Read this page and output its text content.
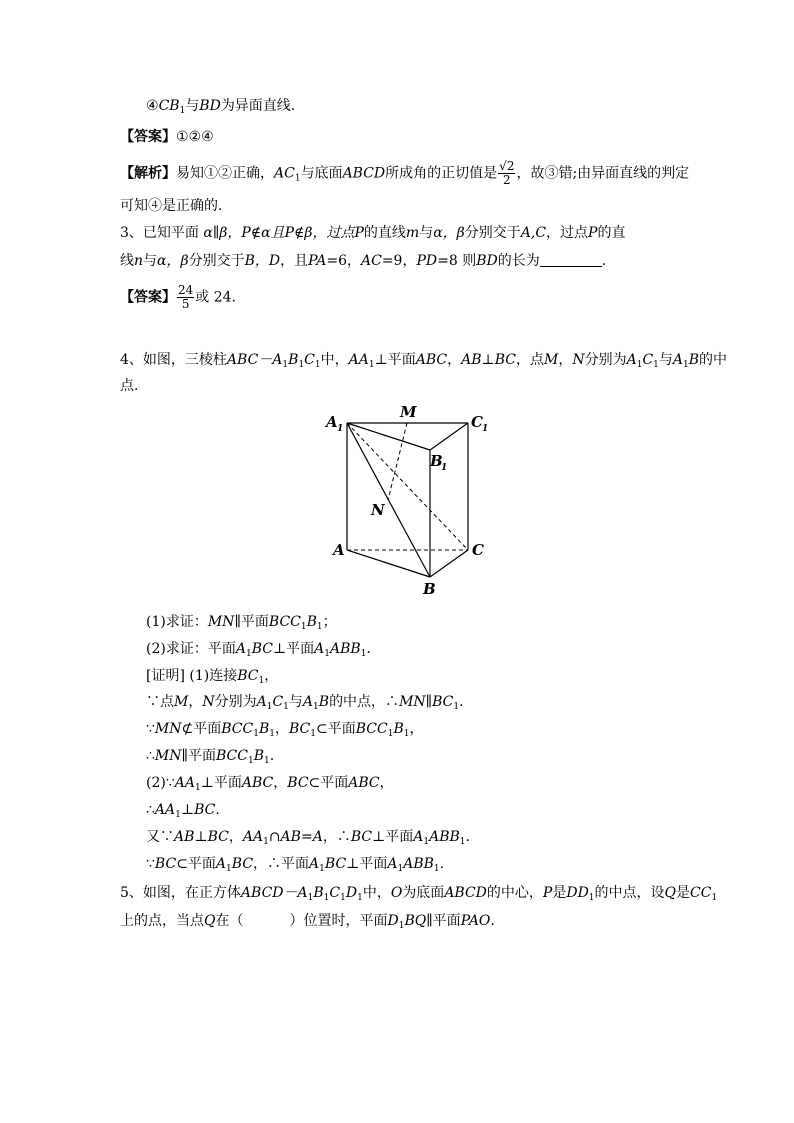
$④CB_1$与BD为异面直线.
【答案】①②④
【解析】易知①②正确，$AC_1$与底面ABCD所成角的正切值是 $\frac{√2}{2}$ ，故③错;由异面直线的判定
可知④是正确的.
3、已知平面 α∥β，P∉α且P∉β，过点P的直线m与α，β分别交于A,C，过点P的直
线n与α，β分别交于B，D，且PA=6，AC=9，PD=8 则BD的长为	.
【答案】 $\frac{24}{5}$ 或 24.
4、如图，三棱柱$ABC-A_1B_1C_1$中，$AA_1\perp$平面ABC，AB⊥BC，点M，N分别为$A_1C_1$与$A_1B$的中
点.
A 1
M
C 1
B
1
N
A	C
B
(1)求证：MN∥平面$BCC_1B_1$；
(2)求证：平面$A_1BC\perp$平面$A_1ABB_1$.
[证明] (1)连接$BC_1$，
∵点M，N分别为$A_1C_1$与$A_1B$的中点，$\therefore MN\parallel BC_1$.
∵MN⊄平面$BCC_1B_1$，$BC_1\subset$平面$BCC_1B_1$，
∴MN∥平面$BCC_1B_1$.
$(2)\because AA_1\perp$平面ABC，BC⊂平面ABC，
$\therefore AA_1\perp BC$.
又∵AB⊥BC，$AA_1\cap AB=A$，∴BC⊥平面$A_1ABB_1$.
∵BC⊂平面$A_1BC$，∴平面$A_1BC\perp$平面$A_1ABB_1$.
5、如图，在正方体$ABCD-A_1B_1C_1D_1$中，O为底面ABCD的中心，P是$DD_1$的中点，设Q是$CC_1$
上的点，当点Q在（	）位置时，平面$D_1BQ\parallel$平面PAO.
